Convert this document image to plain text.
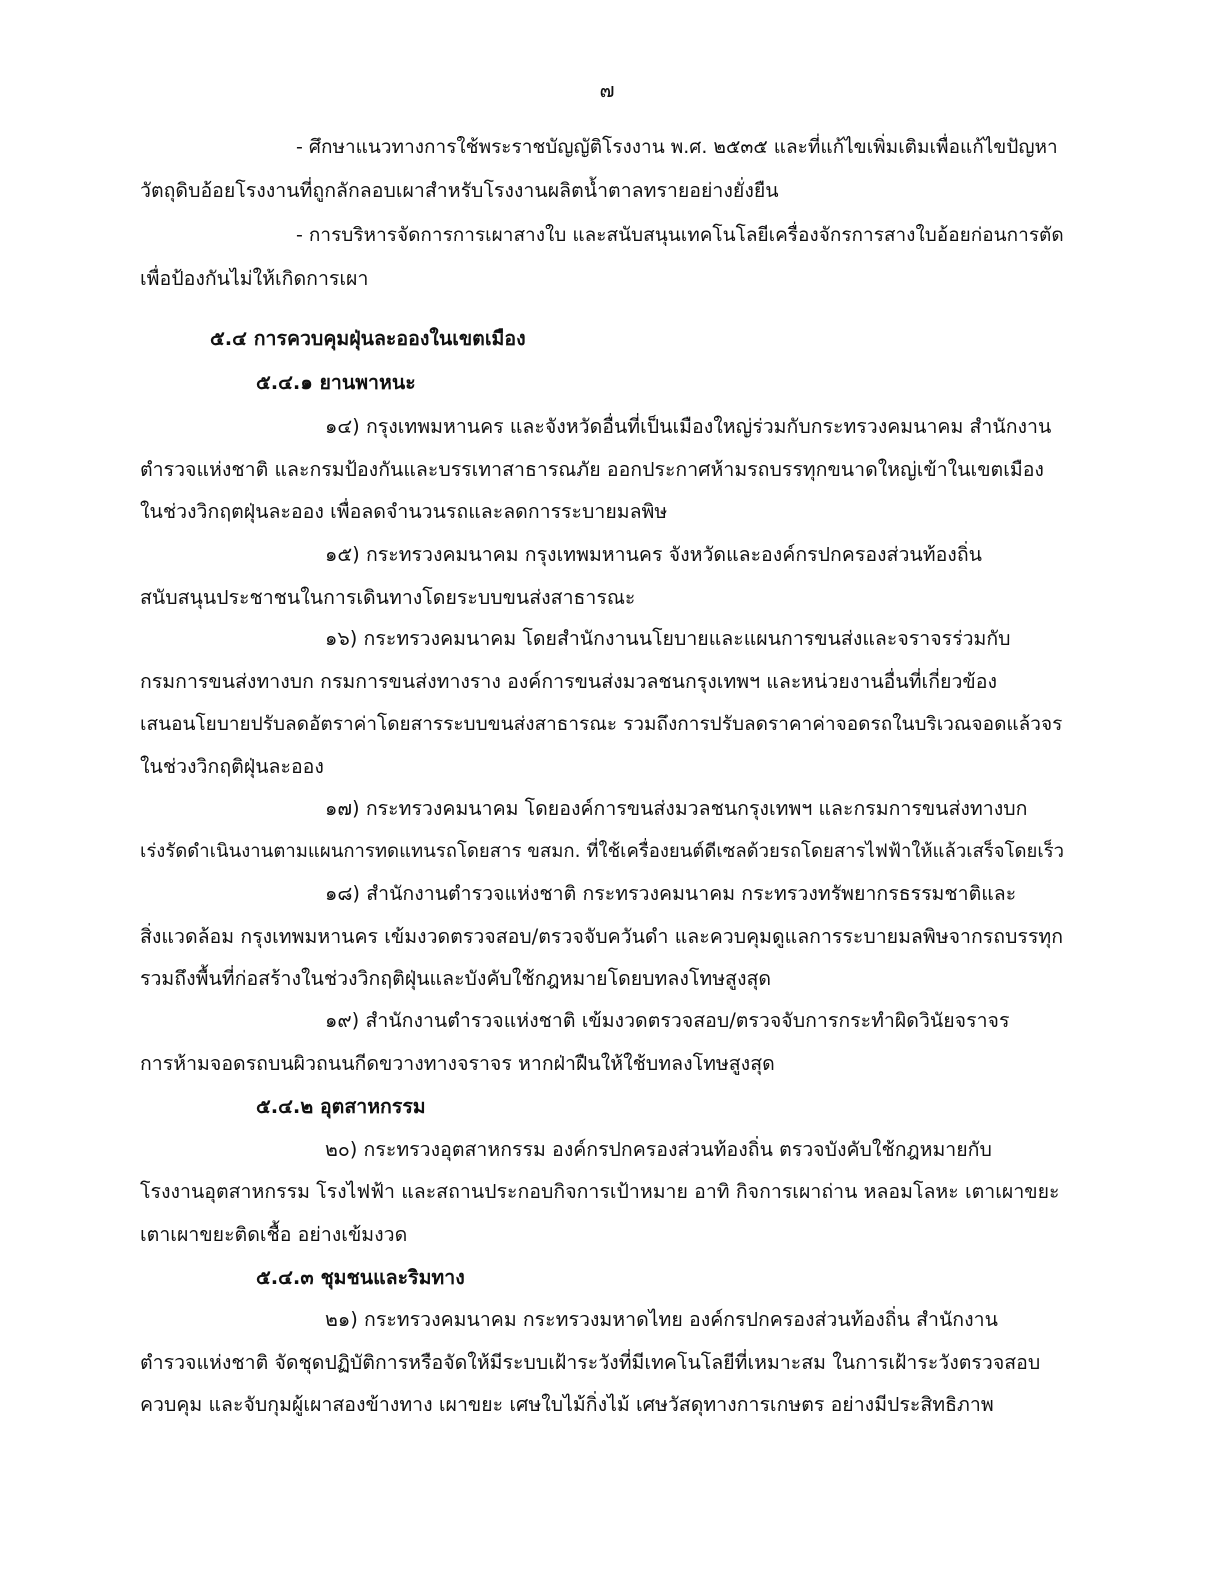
๗
- ศึกษาแนวทางการใช้พระราชบัญญัติโรงงาน พ.ศ. ๒๕๓๕ และที่แก้ไขเพิ่มเติมเพื่อแก้ไขปัญหา
วัตถุดิบอ้อยโรงงานที่ถูกลักลอบเผาสำหรับโรงงานผลิตน้ำตาลทรายอย่างยั่งยืน
- การบริหารจัดการการเผาสางใบ และสนับสนุนเทคโนโลยีเครื่องจักรการสางใบอ้อยก่อนการตัด
เพื่อป้องกันไม่ให้เกิดการเผา
๕.๔ การควบคุมฝุ่นละอองในเขตเมือง
๕.๔.๑ ยานพาหนะ
๑๔) กรุงเทพมหานคร และจังหวัดอื่นที่เป็นเมืองใหญ่ร่วมกับกระทรวงคมนาคม สำนักงาน
ตำรวจแห่งชาติ และกรมป้องกันและบรรเทาสาธารณภัย ออกประกาศห้ามรถบรรทุกขนาดใหญ่เข้าในเขตเมือง
ในช่วงวิกฤตฝุ่นละออง เพื่อลดจำนวนรถและลดการระบายมลพิษ
๑๕) กระทรวงคมนาคม กรุงเทพมหานคร จังหวัดและองค์กรปกครองส่วนท้องถิ่น
สนับสนุนประชาชนในการเดินทางโดยระบบขนส่งสาธารณะ
๑๖) กระทรวงคมนาคม โดยสำนักงานนโยบายและแผนการขนส่งและจราจรร่วมกับ
กรมการขนส่งทางบก กรมการขนส่งทางราง องค์การขนส่งมวลชนกรุงเทพฯ และหน่วยงานอื่นที่เกี่ยวข้อง
เสนอนโยบายปรับลดอัตราค่าโดยสารระบบขนส่งสาธารณะ รวมถึงการปรับลดราคาค่าจอดรถในบริเวณจอดแล้วจร
ในช่วงวิกฤติฝุ่นละออง
๑๗) กระทรวงคมนาคม โดยองค์การขนส่งมวลชนกรุงเทพฯ และกรมการขนส่งทางบก
เร่งรัดดำเนินงานตามแผนการทดแทนรถโดยสาร ขสมก. ที่ใช้เครื่องยนต์ดีเซลด้วยรถโดยสารไฟฟ้าให้แล้วเสร็จโดยเร็ว
๑๘) สำนักงานตำรวจแห่งชาติ กระทรวงคมนาคม กระทรวงทรัพยากรธรรมชาติและ
สิ่งแวดล้อม กรุงเทพมหานคร เข้มงวดตรวจสอบ/ตรวจจับควันดำ และควบคุมดูแลการระบายมลพิษจากรถบรรทุก
รวมถึงพื้นที่ก่อสร้างในช่วงวิกฤติฝุ่นและบังคับใช้กฎหมายโดยบทลงโทษสูงสุด
๑๙) สำนักงานตำรวจแห่งชาติ เข้มงวดตรวจสอบ/ตรวจจับการกระทำผิดวินัยจราจร
การห้ามจอดรถบนผิวถนนกีดขวางทางจราจร หากฝ่าฝืนให้ใช้บทลงโทษสูงสุด
๕.๔.๒ อุตสาหกรรม
๒๐) กระทรวงอุตสาหกรรม องค์กรปกครองส่วนท้องถิ่น ตรวจบังคับใช้กฎหมายกับ
โรงงานอุตสาหกรรม โรงไฟฟ้า และสถานประกอบกิจการเป้าหมาย อาทิ กิจการเผาถ่าน หลอมโลหะ เตาเผาขยะ
เตาเผาขยะติดเชื้อ อย่างเข้มงวด
๕.๔.๓ ชุมชนและริมทาง
๒๑) กระทรวงคมนาคม กระทรวงมหาดไทย องค์กรปกครองส่วนท้องถิ่น สำนักงาน
ตำรวจแห่งชาติ จัดชุดปฏิบัติการหรือจัดให้มีระบบเฝ้าระวังที่มีเทคโนโลยีที่เหมาะสม ในการเฝ้าระวังตรวจสอบ
ควบคุม และจับกุมผู้เผาสองข้างทาง เผาขยะ เศษใบไม้กิ่งไม้ เศษวัสดุทางการเกษตร อย่างมีประสิทธิภาพ
